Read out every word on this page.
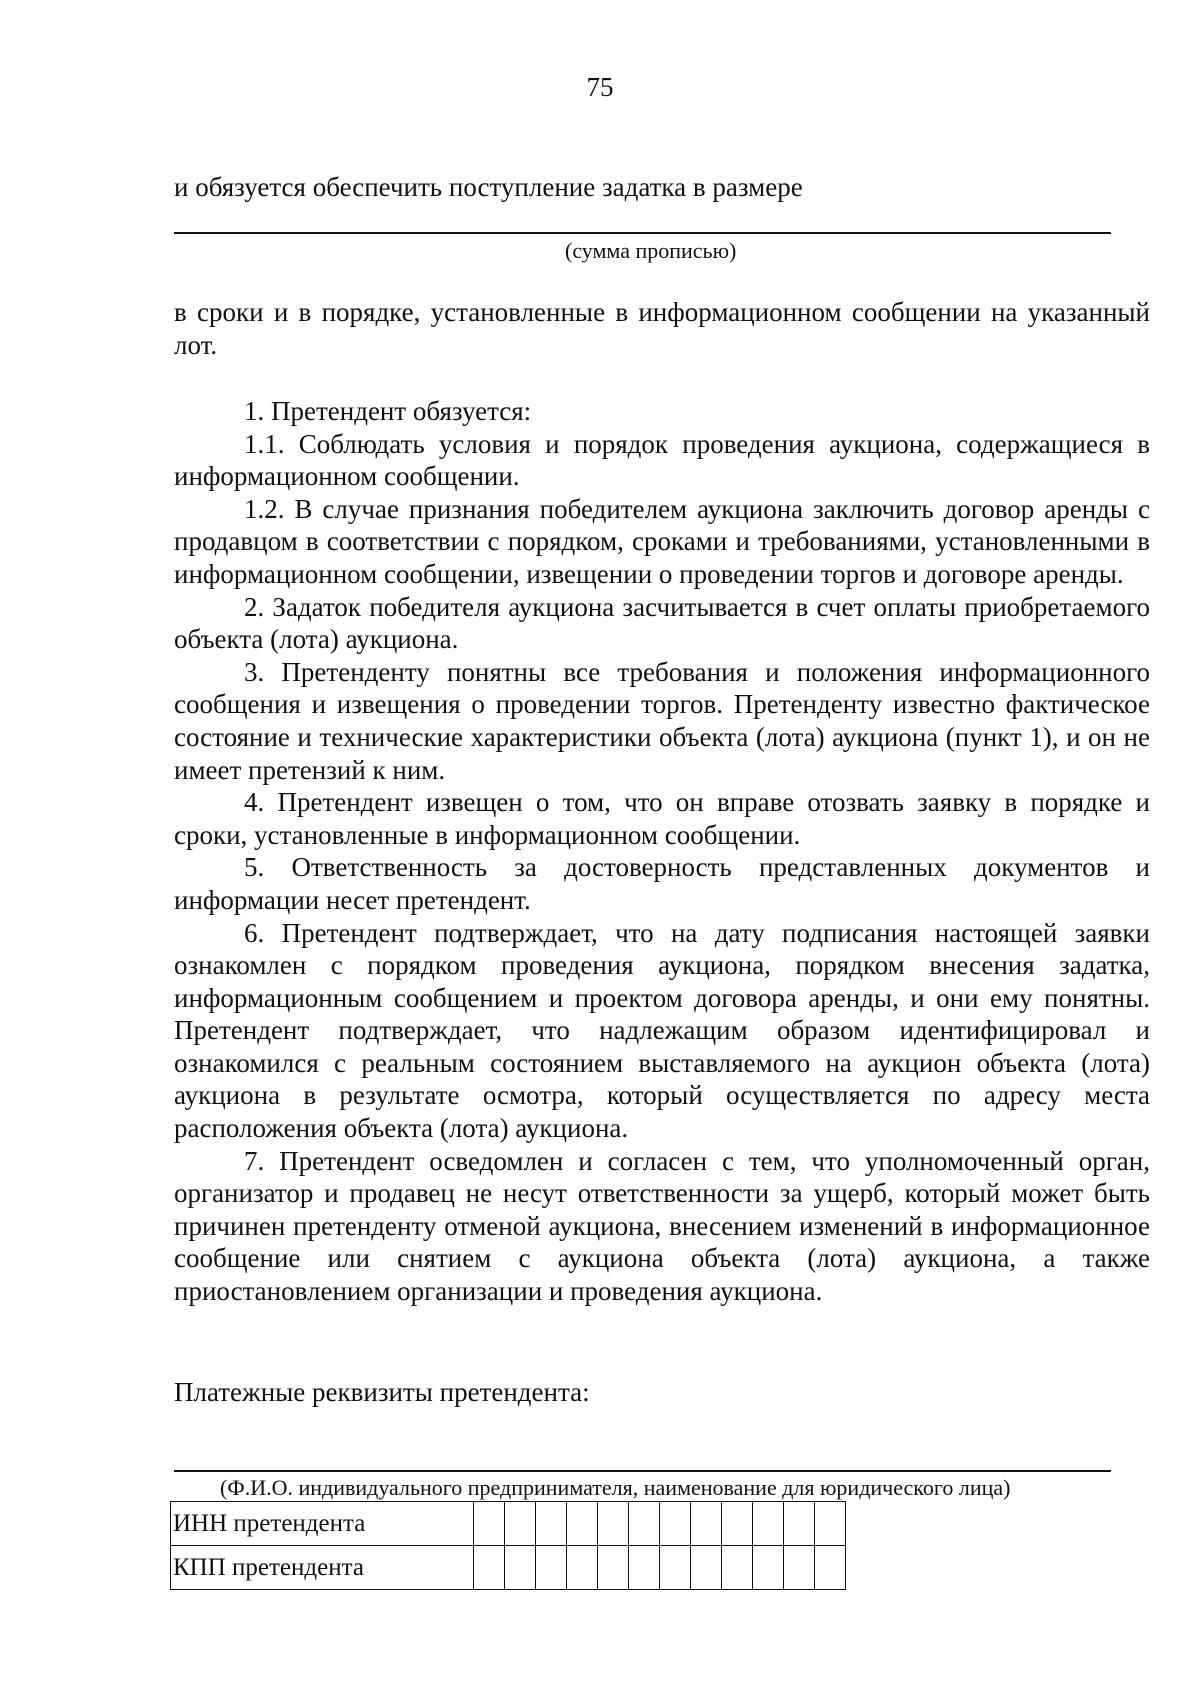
75
и обязуется обеспечить поступление задатка в размере
(сумма прописью)
в сроки и в порядке, установленные в информационном сообщении на указанный лот.

1. Претендент обязуется:

1.1. Соблюдать условия и порядок проведения аукциона, содержащиеся в информационном сообщении.

1.2. В случае признания победителем аукциона заключить договор аренды с продавцом в соответствии с порядком, сроками и требованиями, установленными в информационном сообщении, извещении о проведении торгов и договоре аренды.

2. Задаток победителя аукциона засчитывается в счет оплаты приобретаемого объекта (лота) аукциона.

3. Претенденту понятны все требования и положения информационного сообщения и извещения о проведении торгов. Претенденту известно фактическое состояние и технические характеристики объекта (лота) аукциона (пункт 1), и он не имеет претензий к ним.

4. Претендент извещен о том, что он вправе отозвать заявку в порядке и сроки, установленные в информационном сообщении.

5. Ответственность за достоверность представленных документов и информации несет претендент.

6. Претендент подтверждает, что на дату подписания настоящей заявки ознакомлен с порядком проведения аукциона, порядком внесения задатка, информационным сообщением и проектом договора аренды, и они ему понятны. Претендент подтверждает, что надлежащим образом идентифицировал и ознакомился с реальным состоянием выставляемого на аукцион объекта (лота) аукциона в результате осмотра, который осуществляется по адресу места расположения объекта (лота) аукциона.

7. Претендент осведомлен и согласен с тем, что уполномоченный орган, организатор и продавец не несут ответственности за ущерб, который может быть причинен претенденту отменой аукциона, внесением изменений в информационное сообщение или снятием с аукциона объекта (лота) аукциона, а также приостановлением организации и проведения аукциона.

Платежные реквизиты претендента:
(Ф.И.О. индивидуального предпринимателя, наименование для юридического лица)
ИНН претендента												
КПП претендента												
